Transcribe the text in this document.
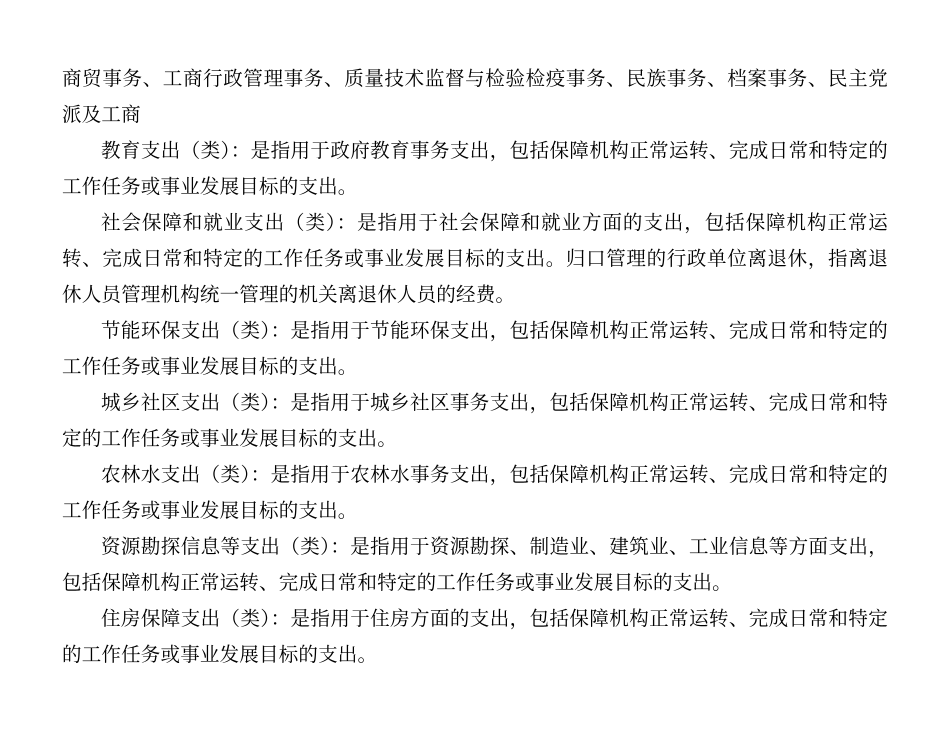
商贸事务、工商行政管理事务、质量技术监督与检验检疫事务、民族事务、档案事务、民主党派及工商

教育支出（类）：是指用于政府教育事务支出，包括保障机构正常运转、完成日常和特定的工作任务或事业发展目标的支出。

社会保障和就业支出（类）：是指用于社会保障和就业方面的支出，包括保障机构正常运转、完成日常和特定的工作任务或事业发展目标的支出。归口管理的行政单位离退休，指离退休人员管理机构统一管理的机关离退休人员的经费。

节能环保支出（类）：是指用于节能环保支出，包括保障机构正常运转、完成日常和特定的工作任务或事业发展目标的支出。

城乡社区支出（类）：是指用于城乡社区事务支出，包括保障机构正常运转、完成日常和特定的工作任务或事业发展目标的支出。

农林水支出（类）：是指用于农林水事务支出，包括保障机构正常运转、完成日常和特定的工作任务或事业发展目标的支出。

资源勘探信息等支出（类）：是指用于资源勘探、制造业、建筑业、工业信息等方面支出，包括保障机构正常运转、完成日常和特定的工作任务或事业发展目标的支出。

住房保障支出（类）：是指用于住房方面的支出，包括保障机构正常运转、完成日常和特定的工作任务或事业发展目标的支出。
